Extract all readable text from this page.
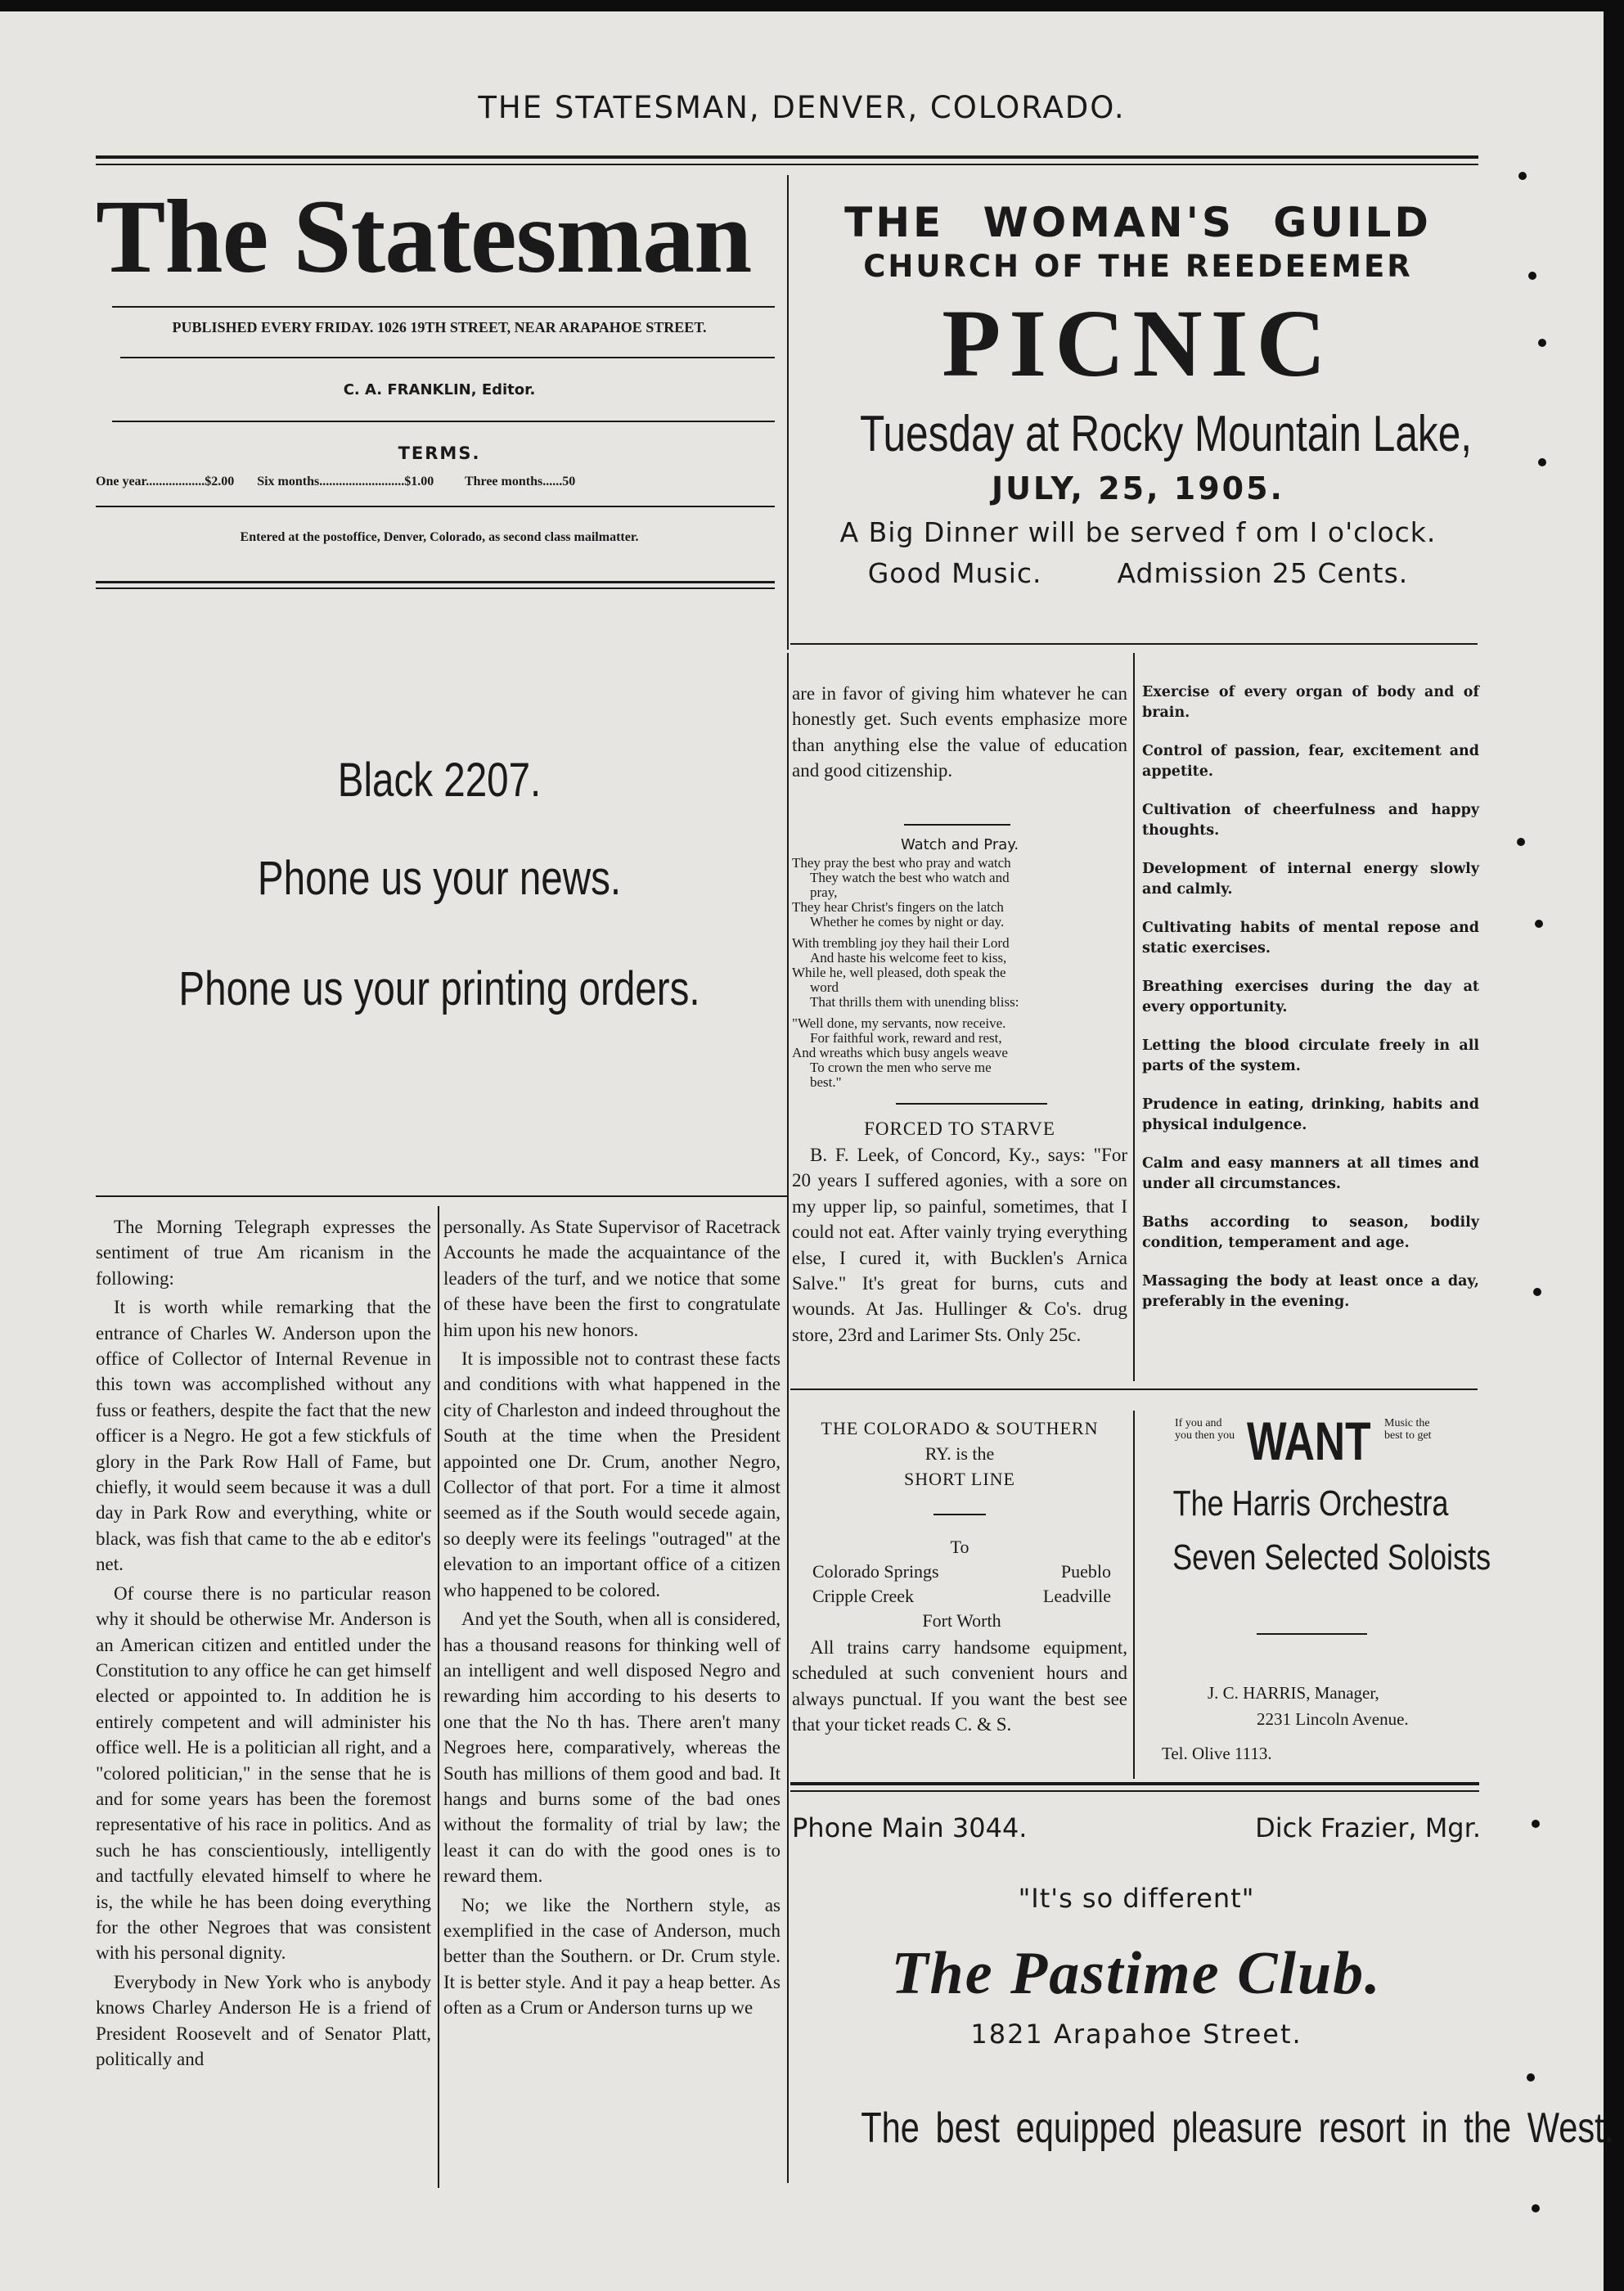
THE STATESMAN, DENVER, COLORADO.
The Statesman
PUBLISHED EVERY FRIDAY. 1026 19TH STREET, NEAR ARAPAHOE STREET.
C. A. FRANKLIN, Editor.
TERMS.
One year..................$2.00 Six months..........................$1.00 Three months......50
Entered at the postoffice, Denver, Colorado, as second class mailmatter.
Black 2207.
Phone us your news.
Phone us your printing orders.
THE WOMAN'S GUILD
CHURCH OF THE REEDEEMER
PICNIC
Tuesday at Rocky Mountain Lake,
JULY, 25, 1905.
A Big Dinner will be served f om I o'clock.
Good Music.	Admission 25 Cents.

The Morning Telegraph expresses the sentiment of true Am ricanism in the following:

It is worth while remarking that the entrance of Charles W. Anderson upon the office of Collector of Internal Revenue in this town was accomplished without any fuss or feathers, despite the fact that the new officer is a Negro. He got a few stickfuls of glory in the Park Row Hall of Fame, but chiefly, it would seem because it was a dull day in Park Row and everything, white or black, was fish that came to the ab e editor's net.

Of course there is no particular reason why it should be otherwise Mr. Anderson is an American citizen and entitled under the Constitution to any office he can get himself elected or appointed to. In addition he is entirely competent and will administer his office well. He is a politician all right, and a "colored politician," in the sense that he is and for some years has been the foremost representative of his race in politics. And as such he has conscientiously, intelligently and tactfully elevated himself to where he is, the while he has been doing everything for the other Negroes that was consistent with his personal dignity.

Everybody in New York who is anybody knows Charley Anderson He is a friend of President Roosevelt and of Senator Platt, politically and

personally. As State Supervisor of Racetrack Accounts he made the acquaintance of the leaders of the turf, and we notice that some of these have been the first to congratulate him upon his new honors.

It is impossible not to contrast these facts and conditions with what happened in the city of Charleston and indeed throughout the South at the time when the President appointed one Dr. Crum, another Negro, Collector of that port. For a time it almost seemed as if the South would secede again, so deeply were its feelings "outraged" at the elevation to an important office of a citizen who happened to be colored.

And yet the South, when all is considered, has a thousand reasons for thinking well of an intelligent and well disposed Negro and rewarding him according to his deserts to one that the No th has. There aren't many Negroes here, comparatively, whereas the South has millions of them good and bad. It hangs and burns some of the bad ones without the formality of trial by law; the least it can do with the good ones is to reward them.

No; we like the Northern style, as exemplified in the case of Anderson, much better than the Southern. or Dr. Crum style. It is better style. And it pay a heap better. As often as a Crum or Anderson turns up we

are in favor of giving him whatever he can honestly get. Such events emphasize more than anything else the value of education and good citizenship.

Watch and Pray.
They pray the best who pray and watch
They watch the best who watch and
pray,
They hear Christ's fingers on the latch
Whether he comes by night or day.
With trembling joy they hail their Lord
And haste his welcome feet to kiss,
While he, well pleased, doth speak the
word
That thrills them with unending bliss:
"Well done, my servants, now receive.
For faithful work, reward and rest,
And wreaths which busy angels weave
To crown the men who serve me
best."
FORCED TO STARVE
B. F. Leek, of Concord, Ky., says: "For 20 years I suffered agonies, with a sore on my upper lip, so painful, sometimes, that I could not eat. After vainly trying everything else, I cured it, with Bucklen's Arnica Salve." It's great for burns, cuts and wounds. At Jas. Hullinger & Co's. drug store, 23rd and Larimer Sts. Only 25c.

Exercise of every organ of body and of brain.

Control of passion, fear, excitement and appetite.

Cultivation of cheerfulness and happy thoughts.

Development of internal energy slowly and calmly.

Cultivating habits of mental repose and static exercises.

Breathing exercises during the day at every opportunity.

Letting the blood circulate freely in all parts of the system.

Prudence in eating, drinking, habits and physical indulgence.

Calm and easy manners at all times and under all circumstances.

Baths according to season, bodily condition, temperament and age.

Massaging the body at least once a day, preferably in the evening.

THE COLORADO & SOUTHERN
RY. is the
SHORT LINE
To
Colorado Springs	Pueblo
Cripple Creek	Leadville
Fort Worth
All trains carry handsome equipment, scheduled at such convenient hours and always punctual. If you want the best see that your ticket reads C. & S.
If you and you then you WANT Music the best to get
The Harris Orchestra
Seven Selected Soloists
J. C. HARRIS, Manager,
2231 Lincoln Avenue.
Tel. Olive 1113.
Phone Main 3044.	Dick Frazier, Mgr.
"It's so different"
The Pastime Club.
1821 Arapahoe Street.
The best equipped pleasure resort in the West.
